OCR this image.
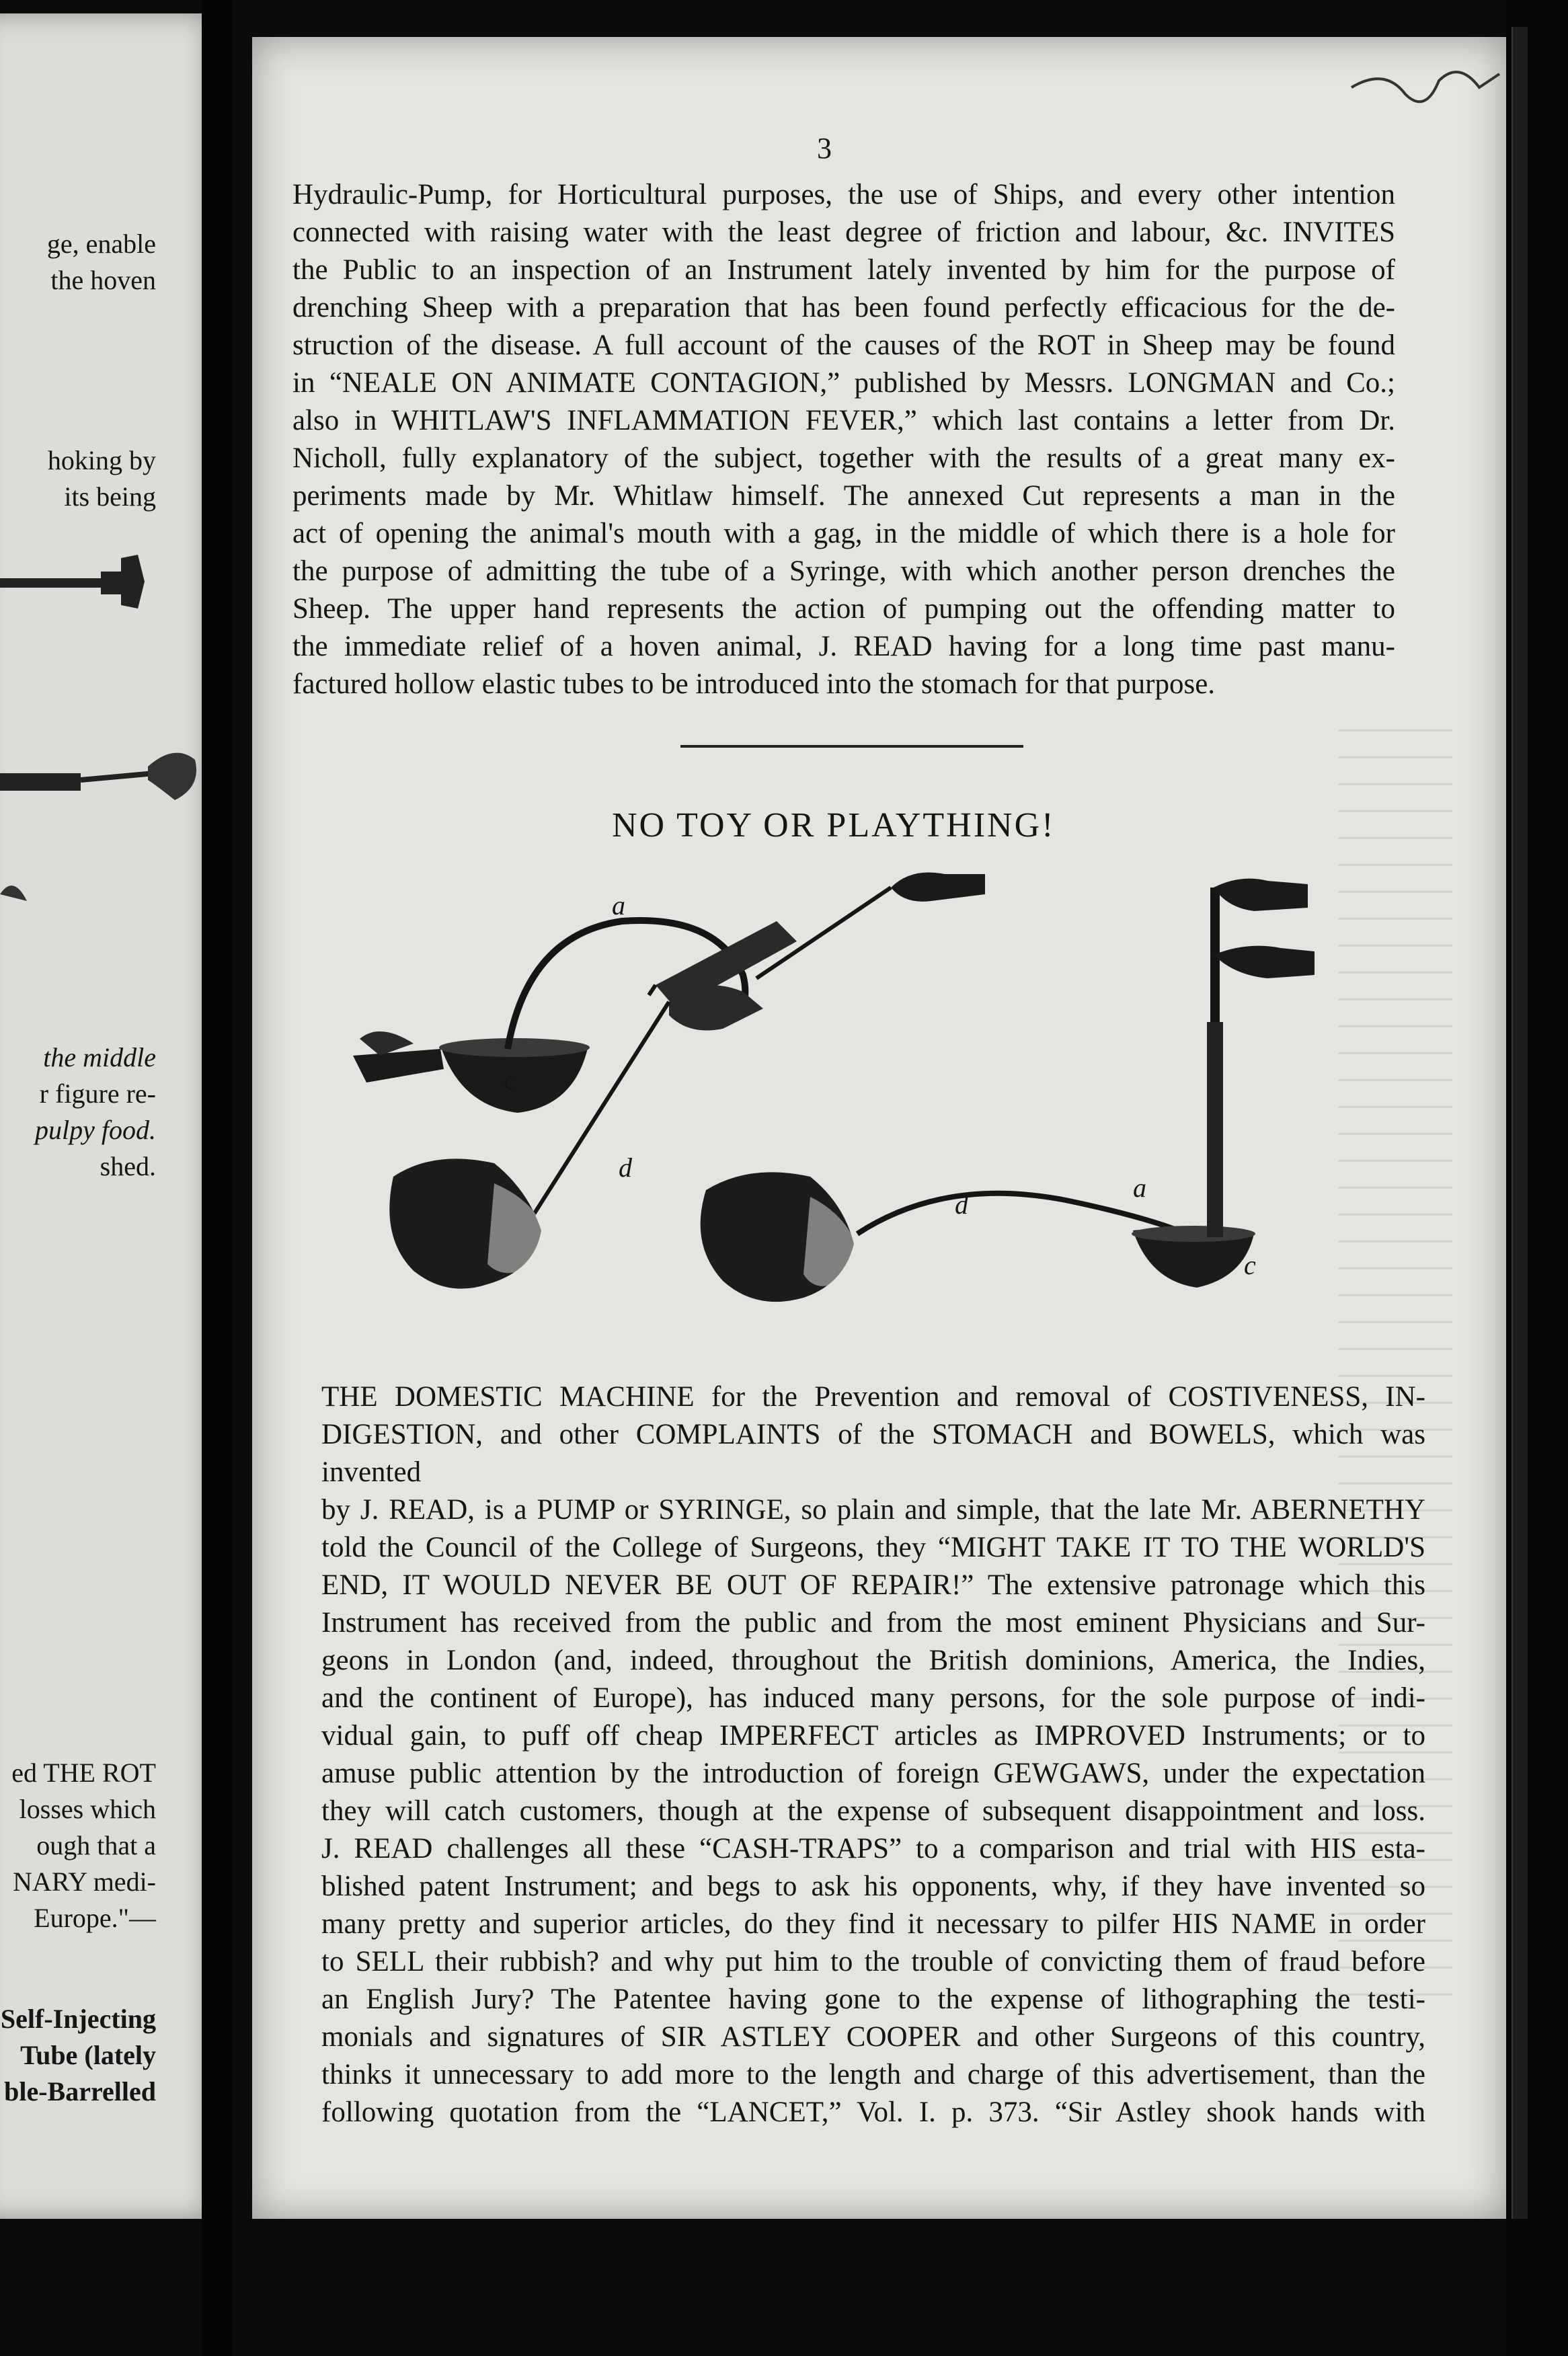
ge, enable
the hoven
hoking by
its being
the middle
r figure re-
pulpy food.
shed.
ed THE ROT
losses which
ough that a
NARY medi-
Europe."—
Self-Injecting
Tube (lately
ble-Barrelled
3

Hydraulic-Pump, for Horticultural purposes, the use of Ships, and every other intention

connected with raising water with the least degree of friction and labour, &c. INVITES

the Public to an inspection of an Instrument lately invented by him for the purpose of

drenching Sheep with a preparation that has been found perfectly efficacious for the de-

struction of the disease. A full account of the causes of the ROT in Sheep may be found

in “NEALE ON ANIMATE CONTAGION,” published by Messrs. LONGMAN and Co.;

also in WHITLAW'S INFLAMMATION FEVER,” which last contains a letter from Dr.

Nicholl, fully explanatory of the subject, together with the results of a great many ex-

periments made by Mr. Whitlaw himself. The annexed Cut represents a man in the

act of opening the animal's mouth with a gag, in the middle of which there is a hole for

the purpose of admitting the tube of a Syringe, with which another person drenches the

Sheep. The upper hand represents the action of pumping out the offending matter to

the immediate relief of a hoven animal, J. READ having for a long time past manu-

factured hollow elastic tubes to be introduced into the stomach for that purpose.

NO TOY OR PLAYTHING!
a
c
d
d
a
c

THE DOMESTIC MACHINE for the Prevention and removal of COSTIVENESS, IN-

DIGESTION, and other COMPLAINTS of the STOMACH and BOWELS, which was invented

by J. READ, is a PUMP or SYRINGE, so plain and simple, that the late Mr. ABERNETHY

told the Council of the College of Surgeons, they “MIGHT TAKE IT TO THE WORLD'S

END, IT WOULD NEVER BE OUT OF REPAIR!” The extensive patronage which this

Instrument has received from the public and from the most eminent Physicians and Sur-

geons in London (and, indeed, throughout the British dominions, America, the Indies,

and the continent of Europe), has induced many persons, for the sole purpose of indi-

vidual gain, to puff off cheap IMPERFECT articles as IMPROVED Instruments; or to

amuse public attention by the introduction of foreign GEWGAWS, under the expectation

they will catch customers, though at the expense of subsequent disappointment and loss.

J. READ challenges all these “CASH-TRAPS” to a comparison and trial with HIS esta-

blished patent Instrument; and begs to ask his opponents, why, if they have invented so

many pretty and superior articles, do they find it necessary to pilfer HIS NAME in order

to SELL their rubbish? and why put him to the trouble of convicting them of fraud before

an English Jury? The Patentee having gone to the expense of lithographing the testi-

monials and signatures of SIR ASTLEY COOPER and other Surgeons of this country,

thinks it unnecessary to add more to the length and charge of this advertisement, than the

following quotation from the “LANCET,” Vol. I. p. 373. “Sir Astley shook hands with
